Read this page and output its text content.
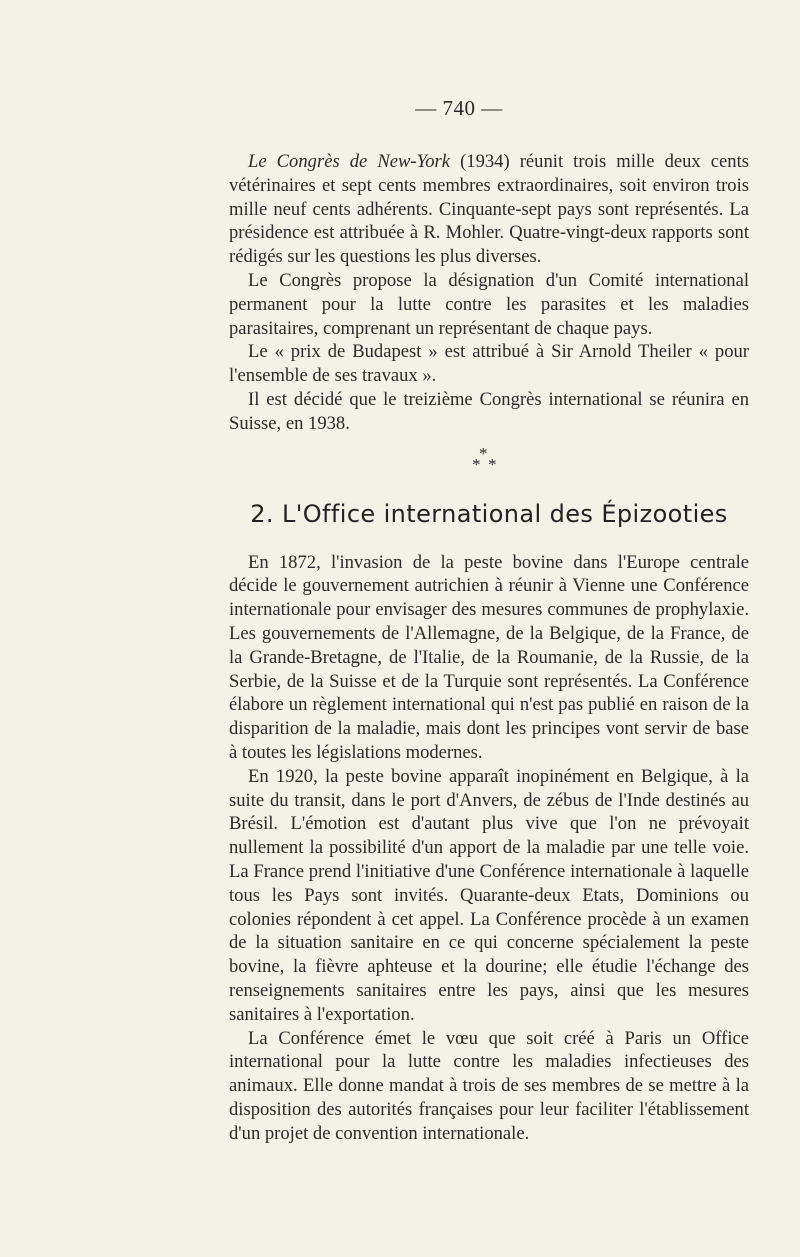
— 740 —

Le Congrès de New-York (1934) réunit trois mille deux cents vétérinaires et sept cents membres extraordinaires, soit environ trois mille neuf cents adhérents. Cinquante-sept pays sont représentés. La présidence est attribuée à R. Mohler. Quatre-vingt-deux rapports sont rédigés sur les questions les plus diverses.

Le Congrès propose la désignation d'un Comité international permanent pour la lutte contre les parasites et les maladies parasitaires, comprenant un représentant de chaque pays.

Le « prix de Budapest » est attribué à Sir Arnold Theiler « pour l'ensemble de ses travaux ».

Il est décidé que le treizième Congrès international se réunira en Suisse, en 1938.

*
* *
2. L'Office international des Épizooties

En 1872, l'invasion de la peste bovine dans l'Europe centrale décide le gouvernement autrichien à réunir à Vienne une Conférence internationale pour envisager des mesures communes de prophylaxie. Les gouvernements de l'Allemagne, de la Belgique, de la France, de la Grande-Bretagne, de l'Italie, de la Roumanie, de la Russie, de la Serbie, de la Suisse et de la Turquie sont représentés. La Conférence élabore un règlement international qui n'est pas publié en raison de la disparition de la maladie, mais dont les principes vont servir de base à toutes les législations modernes.

En 1920, la peste bovine apparaît inopinément en Belgique, à la suite du transit, dans le port d'Anvers, de zébus de l'Inde destinés au Brésil. L'émotion est d'autant plus vive que l'on ne prévoyait nullement la possibilité d'un apport de la maladie par une telle voie. La France prend l'initiative d'une Conférence internationale à laquelle tous les Pays sont invités. Quarante-deux Etats, Dominions ou colonies répondent à cet appel. La Conférence procède à un examen de la situation sanitaire en ce qui concerne spécialement la peste bovine, la fièvre aphteuse et la dourine; elle étudie l'échange des renseignements sanitaires entre les pays, ainsi que les mesures sanitaires à l'exportation.

La Conférence émet le vœu que soit créé à Paris un Office international pour la lutte contre les maladies infectieuses des animaux. Elle donne mandat à trois de ses membres de se mettre à la disposition des autorités françaises pour leur faciliter l'établissement d'un projet de convention internationale.
